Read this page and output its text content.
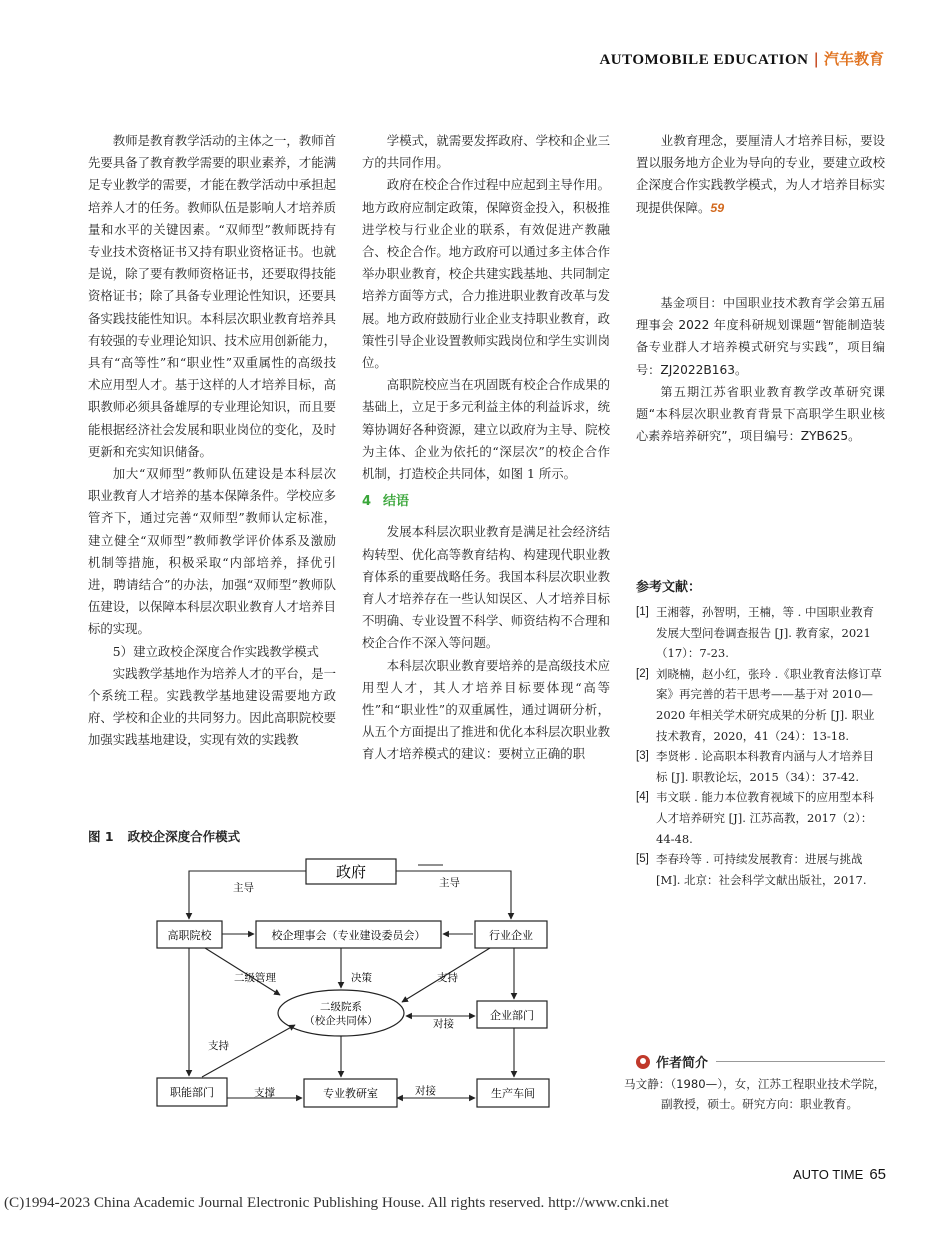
AUTOMOBILE EDUCATION | 汽车教育

教师是教育教学活动的主体之一，教师首先要具备了教育教学需要的职业素养，才能满足专业教学的需要，才能在教学活动中承担起培养人才的任务。教师队伍是影响人才培养质量和水平的关键因素。“双师型”教师既持有专业技术资格证书又持有职业资格证书。也就是说，除了要有教师资格证书，还要取得技能资格证书；除了具备专业理论性知识，还要具备实践技能性知识。本科层次职业教育培养具有较强的专业理论知识、技术应用创新能力，具有“高等性”和“职业性”双重属性的高级技术应用型人才。基于这样的人才培养目标，高职教师必须具备雄厚的专业理论知识，而且要能根据经济社会发展和职业岗位的变化，及时更新和充实知识储备。

加大“双师型”教师队伍建设是本科层次职业教育人才培养的基本保障条件。学校应多管齐下，通过完善“双师型”教师认定标准，建立健全“双师型”教师教学评价体系及激励机制等措施，积极采取“内部培养，择优引进，聘请结合”的办法，加强“双师型”教师队伍建设，以保障本科层次职业教育人才培养目标的实现。

5）建立政校企深度合作实践教学模式

实践教学基地作为培养人才的平台，是一个系统工程。实践教学基地建设需要地方政府、学校和企业的共同努力。因此高职院校要加强实践基地建设，实现有效的实践教

学模式，就需要发挥政府、学校和企业三方的共同作用。

政府在校企合作过程中应起到主导作用。地方政府应制定政策，保障资金投入，积极推进学校与行业企业的联系，有效促进产教融合、校企合作。地方政府可以通过多主体合作举办职业教育，校企共建实践基地、共同制定培养方面等方式，合力推进职业教育改革与发展。地方政府鼓励行业企业支持职业教育，政策性引导企业设置教师实践岗位和学生实训岗位。

高职院校应当在巩固既有校企合作成果的基础上，立足于多元利益主体的利益诉求，统筹协调好各种资源，建立以政府为主导、院校为主体、企业为依托的“深层次”的校企合作机制，打造校企共同体，如图 1 所示。

4 结语

发展本科层次职业教育是满足社会经济结构转型、优化高等教育结构、构建现代职业教育体系的重要战略任务。我国本科层次职业教育人才培养存在一些认知误区、人才培养目标不明确、专业设置不科学、师资结构不合理和校企合作不深入等问题。

本科层次职业教育要培养的是高级技术应用型人才，其人才培养目标要体现“高等性”和“职业性”的双重属性，通过调研分析，从五个方面提出了推进和优化本科层次职业教育人才培养模式的建议：要树立正确的职

业教育理念，要厘清人才培养目标，要设置以服务地方企业为导向的专业，要建立政校企深度合作实践教学模式，为人才培养目标实现提供保障。59

基金项目：中国职业技术教育学会第五届理事会 2022 年度科研规划课题“智能制造装备专业群人才培养模式研究与实践”，项目编号：ZJ2022B163。

第五期江苏省职业教育教学改革研究课题“本科层次职业教育背景下高职学生职业核心素养培养研究”，项目编号：ZYB625。

参考文献：
[1] 王湘蓉，孙智明，王楠，等 . 中国职业教育发展大型问卷调查报告 [J]. 教育家，2021（17）：7-23.
[2] 刘晓楠，赵小红，张玲 .《职业教育法修订草案》再完善的若干思考——基于对 2010—2020 年相关学术研究成果的分析 [J]. 职业技术教育，2020，41（24）：13-18.
[3] 李贤彬 . 论高职本科教育内涵与人才培养目标 [J]. 职教论坛，2015（34）：37-42.
[4] 韦文联 . 能力本位教育视域下的应用型本科人才培养研究 [J]. 江苏高教，2017（2）：44-48.
[5] 李春玲等 . 可持续发展教育：进展与挑战 [M]. 北京：社会科学文献出版社，2017.
作者简介
马文静：（1980—），女，江苏工程职业技术学院，
副教授，硕士。研究方向：职业教育。
图 1 政校企深度合作模式
政府
高职院校	校企理事会（专业建设委员会）	行业企业
二级院系
（校企共同体）	企业部门
职能部门	专业教研室	生产车间
主导	主导
二级管理	决策	支持
对接
支持
支撑	对接
AUTO TIME 65
(C)1994-2023 China Academic Journal Electronic Publishing House. All rights reserved. http://www.cnki.net
